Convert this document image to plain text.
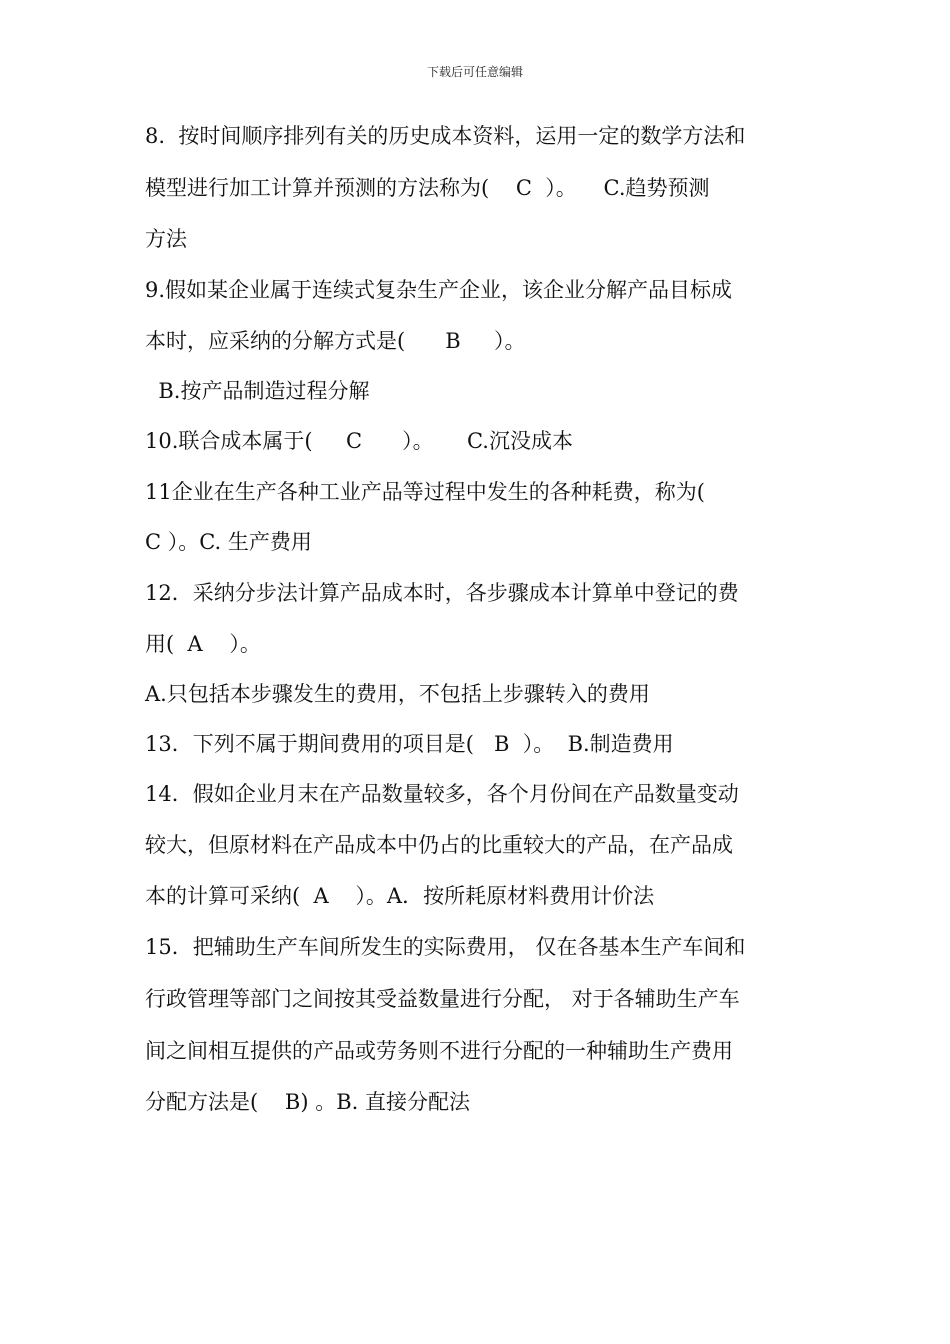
下载后可任意编辑
8.  按时间顺序排列有关的历史成本资料，运用一定的数学方法和
模型进行加工计算并预测的方法称为(    C  ）。    C.趋势预测
方法
9.假如某企业属于连续式复杂生产企业，该企业分解产品目标成
本时，应采纳的分解方式是(      B     ）。
B.按产品制造过程分解
10.联合成本属于(     C      ）。     C.沉没成本
11企业在生产各种工业产品等过程中发生的各种耗费，称为(
C ）。C. 生产费用
12．采纳分步法计算产品成本时，各步骤成本计算单中登记的费
用(  A    ）。
A.只包括本步骤发生的费用，不包括上步骤转入的费用
13．下列不属于期间费用的项目是(   B  ）。  B.制造费用
14．假如企业月末在产品数量较多，各个月份间在产品数量变动
较大，但原材料在产品成本中仍占的比重较大的产品，在产品成
本的计算可采纳(  A    ）。A．按所耗原材料费用计价法
15．把辅助生产车间所发生的实际费用， 仅在各基本生产车间和
行政管理等部门之间按其受益数量进行分配， 对于各辅助生产车
间之间相互提供的产品或劳务则不进行分配的一种辅助生产费用
分配方法是(    B) 。B. 直接分配法
